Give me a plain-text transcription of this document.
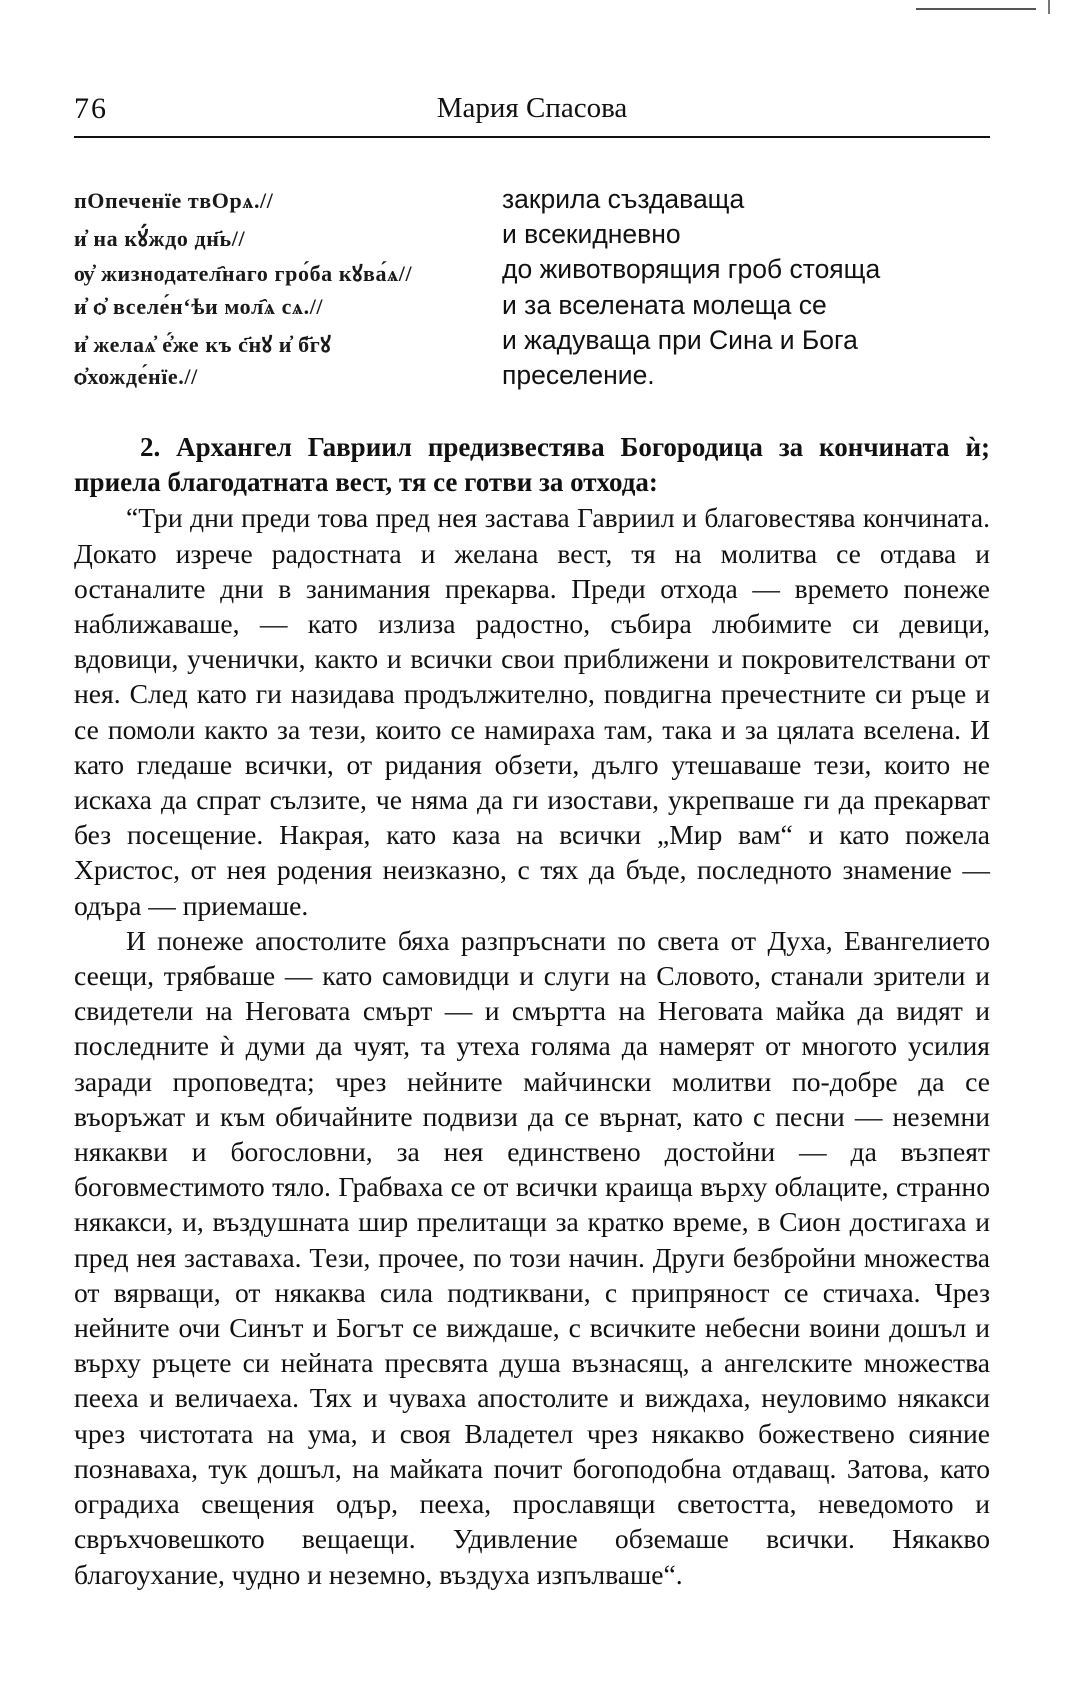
76	Мария Спасова
пОпеченїе твОрѧ.//	закрила създаваща
и҆ на кꙋ́ждо дн҃ь//	и всекидневно
ѹ҆ жизнодател҄наго гро́ба кꙋва́ѧ//	до животворящия гроб стояща
и҆ ѻ҆ вселе́н‘ѣи мол҄ѧ сѧ.//	и за вселената молеща се
и҆ желаѧ҆ е҆́же къ с҃нꙋ и҆ б҃гꙋ	и жадуваща при Сина и Бога
ѻ҆хожде́нїе.//	преселение.

2. Архангел Гавриил предизвестява Богородица за кончината ѝ; приела благодатната вест, тя се готви за отхода:

“Три дни преди това пред нея застава Гавриил и благовестява кончината. Докато изрече радостната и желана вест, тя на молитва се отдава и останалите дни в занимания прекарва. Преди отхода — времето понеже наближаваше, — като излиза радостно, събира любимите си девици, вдовици, ученички, както и всички свои приближени и покровителствани от нея. След като ги назидава продължително, повдигна пречестните си ръце и се помоли както за тези, които се намираха там, така и за цялата вселена. И като гледаше всички, от ридания обзети, дълго утешаваше тези, които не искаха да спрат сълзите, че няма да ги изостави, укрепваше ги да прекарват без посещение. Накрая, като каза на всички „Мир вам“ и като пожела Христос, от нея родения неизказно, с тях да бъде, последното знамение — одъра — приемаше.

И понеже апостолите бяха разпръснати по света от Духа, Евангелието сеещи, трябваше — като самовидци и слуги на Словото, станали зрители и свидетели на Неговата смърт — и смъртта на Неговата майка да видят и последните ѝ думи да чуят, та утеха голяма да намерят от многото усилия заради проповедта; чрез нейните майчински молитви по-добре да се въоръжат и към обичайните подвизи да се върнат, като с песни — неземни някакви и богословни, за нея единствено достойни — да възпеят боговместимото тяло. Грабваха се от всички краища върху облаците, странно някакси, и, въздушната шир прелитащи за кратко време, в Сион достигаха и пред нея заставаха. Тези, прочее, по този начин. Други безбройни множества от вярващи, от някаква сила подтиквани, с припряност се стичаха. Чрез нейните очи Синът и Богът се виждаше, с всичките небесни воини дошъл и върху ръцете си нейната пресвята душа възнасящ, а ангелските множества пееха и величаеха. Тях и чуваха апостолите и виждаха, неуловимо някакси чрез чистотата на ума, и своя Владетел чрез някакво божествено сияние познаваха, тук дошъл, на майката почит богоподобна отдаващ. Затова, като оградиха свещения одър, пееха, прославящи светостта, неведомото и свръхчовешкото вещаещи. Удивление обземаше всички. Някакво благоухание, чудно и неземно, въздуха изпълваше“.
